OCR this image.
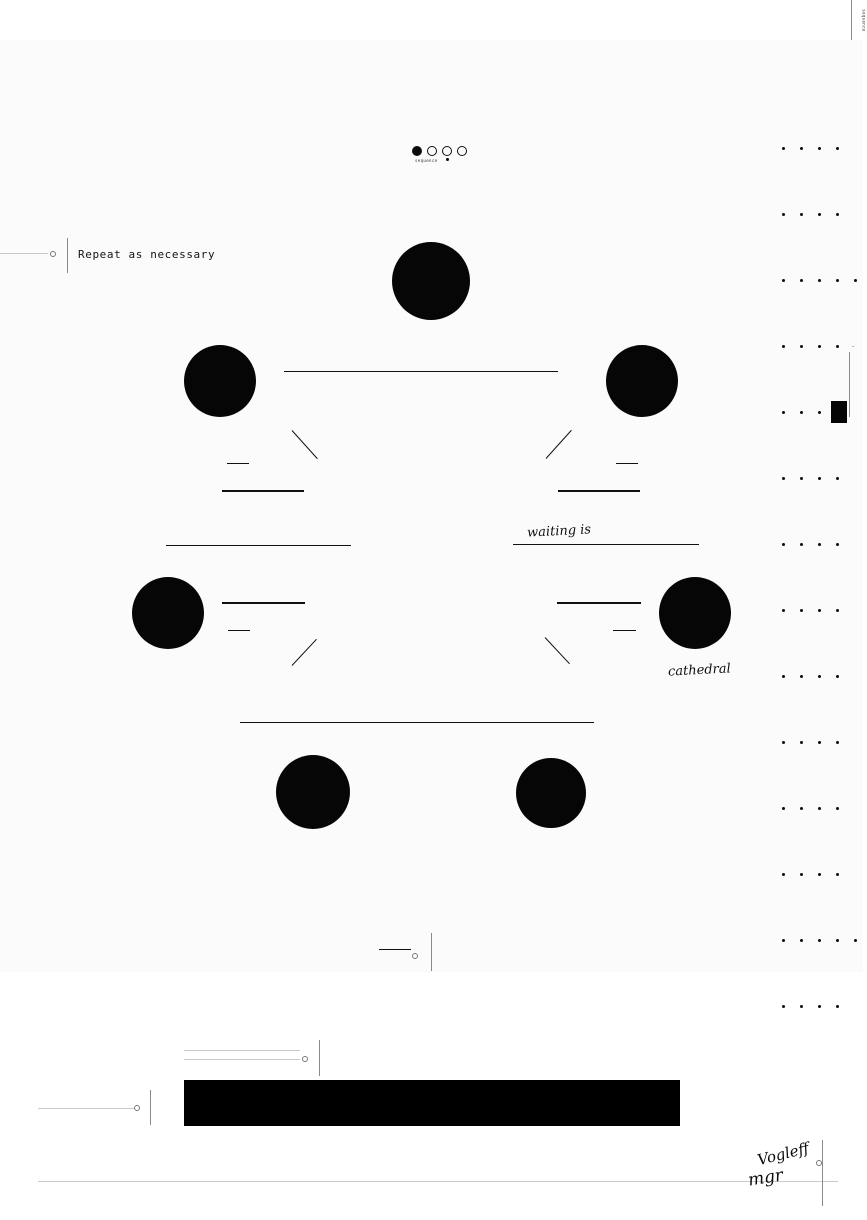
sequence
sequence
Repeat as necessary
waiting is
cathedral
Vogleff
mgr
—
